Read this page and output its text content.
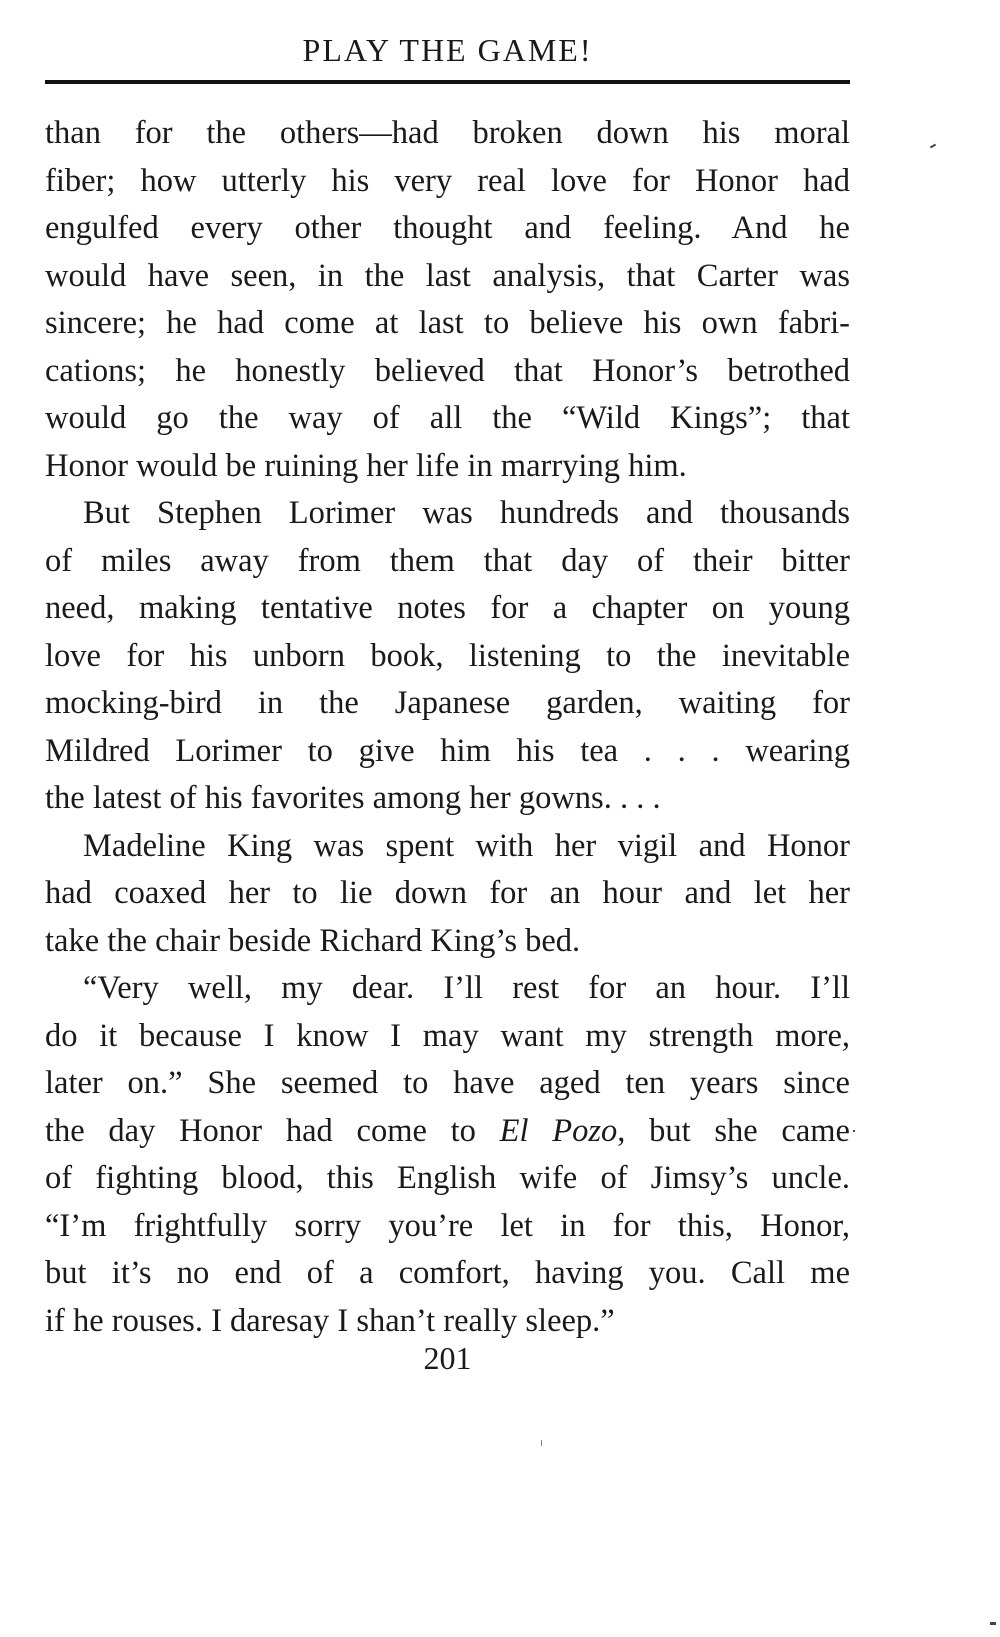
PLAY THE GAME!

than for the others—had broken down his moral
fiber; how utterly his very real love for Honor had
engulfed every other thought and feeling. And he
would have seen, in the last analysis, that Carter was
sincere; he had come at last to believe his own fabri-
cations; he honestly believed that Honor’s betrothed
would go the way of all the “Wild Kings”; that
Honor would be ruining her life in marrying him.

But Stephen Lorimer was hundreds and thousands
of miles away from them that day of their bitter
need, making tentative notes for a chapter on young
love for his unborn book, listening to the inevitable
mocking-bird in the Japanese garden, waiting for
Mildred Lorimer to give him his tea . . . wearing
the latest of his favorites among her gowns. . . .

Madeline King was spent with her vigil and Honor
had coaxed her to lie down for an hour and let her
take the chair beside Richard King’s bed.

“Very well, my dear. I’ll rest for an hour. I’ll
do it because I know I may want my strength more,
later on.” She seemed to have aged ten years since
the day Honor had come to El Pozo, but she came
of fighting blood, this English wife of Jimsy’s uncle.
“I’m frightfully sorry you’re let in for this, Honor,
but it’s no end of a comfort, having you. Call me
if he rouses. I daresay I shan’t really sleep.”

201
